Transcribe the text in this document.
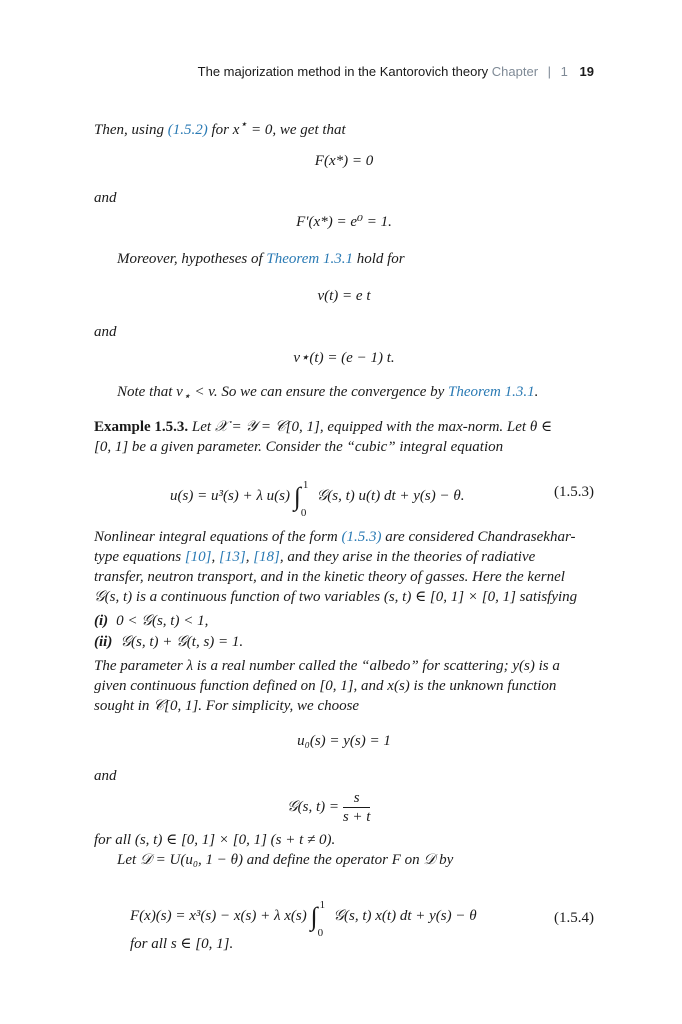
The majorization method in the Kantorovich theory Chapter | 1 19

Then, using (1.5.2) for x⋆ = 0, we get that

F(x*) = 0

and

F′(x*) = e⁰ = 1.

Moreover, hypotheses of Theorem 1.3.1 hold for

v(t) = e t

and

v⋆(t) = (e − 1) t.

Note that $v_⋆ < v$. So we can ensure the convergence by Theorem 1.3.1.

Example 1.5.3. Let 𝒳 = 𝒴 = 𝒞[0, 1], equipped with the max-norm. Let θ ∈

[0, 1] be a given parameter. Consider the “cubic” integral equation

u(s) = u³(s) + λ u(s) ∫ 1
0
𝒢(s, t) u(t) dt + y(s) − θ.	(1.5.3)

Nonlinear integral equations of the form (1.5.3) are considered Chandrasekhar-

type equations [10], [13], [18], and they arise in the theories of radiative

transfer, neutron transport, and in the kinetic theory of gasses. Here the kernel

𝒢(s, t) is a continuous function of two variables (s, t) ∈ [0, 1] × [0, 1] satisfying

(i) 0 < 𝒢(s, t) < 1,
(ii) 𝒢(s, t) + 𝒢(t, s) = 1.

The parameter λ is a real number called the “albedo” for scattering; y(s) is a

given continuous function defined on [0, 1], and x(s) is the unknown function

sought in 𝒞[0, 1]. For simplicity, we choose

u₀(s) = y(s) = 1

and

𝒢(s, $t) = \frac{s}{s + t}$

for all (s, t) ∈ [0, 1] × [0, 1] (s + t ≠ 0).

Let 𝒟 = U(u₀, 1 − θ) and define the operator F on 𝒟 by

F(x)(s) = x³(s) − x(s) + λ x(s) ∫ 1
0
𝒢(s, t) x(t) dt + y(s) − θ	(1.5.4)

for all s ∈ [0, 1].
